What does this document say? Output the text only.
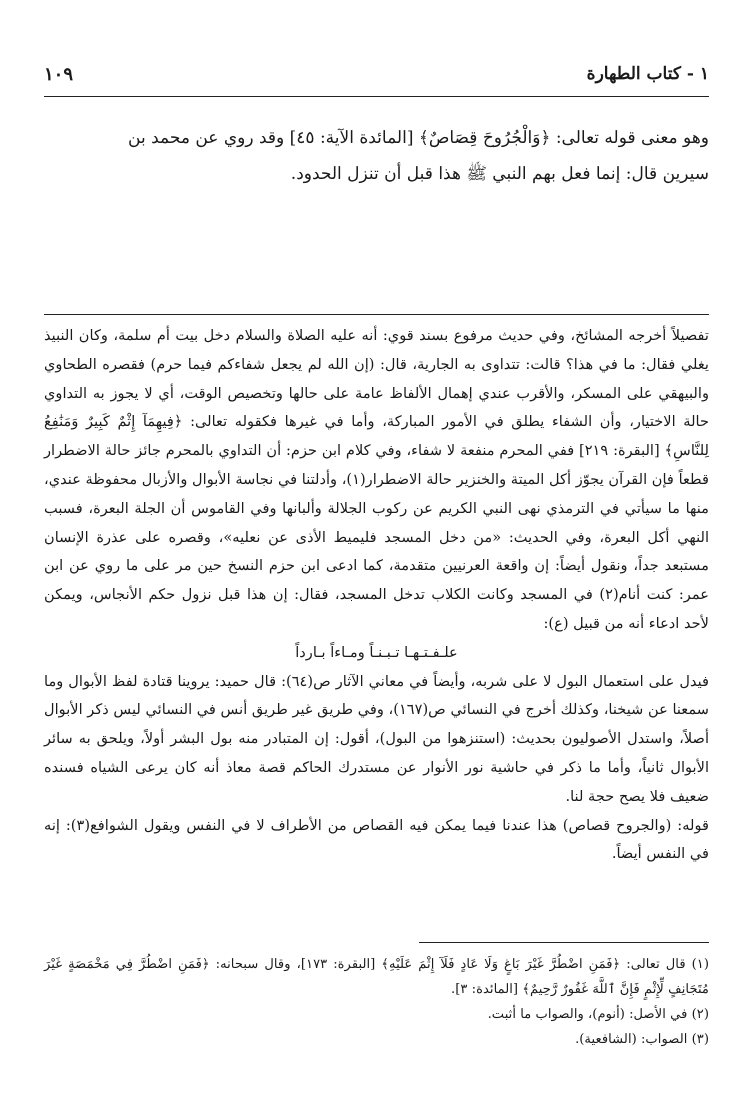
١ - كتاب الطهارة
١٠٩
وهو معنى قوله تعالى: ﴿وَالْجُرُوحَ قِصَاصٌ﴾ [المائدة الآية: ٤٥] وقد روي عن محمد بن
سيرين قال: إنما فعل بهم النبي ﷺ هذا قبل أن تنزل الحدود.

تفصيلاً أخرجه المشائخ، وفي حديث مرفوع بسند قوي: أنه عليه الصلاة والسلام دخل بيت أم سلمة، وكان النبيذ يغلي فقال: ما في هذا؟ قالت: تتداوى به الجارية، قال: (إن الله لم يجعل شفاءكم فيما حرم) فقصره الطحاوي والبيهقي على المسكر، والأقرب عندي إهمال الألفاظ عامة على حالها وتخصيص الوقت، أي لا يجوز به التداوي حالة الاختيار، وأن الشفاء يطلق في الأمور المباركة، وأما في غيرها فكقوله تعالى: ﴿فِيهِمَآ إِثْمٌ كَبِيرٌ وَمَنَٰفِعُ لِلنَّاسِ﴾ [البقرة: ٢١٩] ففي المحرم منفعة لا شفاء، وفي كلام ابن حزم: أن التداوي بالمحرم جائز حالة الاضطرار قطعاً فإن القرآن يجوّز أكل الميتة والخنزير حالة الاضطرار(١)، وأدلتنا في نجاسة الأبوال والأزبال محفوظة عندي، منها ما سيأتي في الترمذي نهى النبي الكريم عن ركوب الجلالة وألبانها وفي القاموس أن الجلة البعرة، فسبب النهي أكل البعرة، وفي الحديث: «من دخل المسجد فليميط الأذى عن نعليه»، وقصره على عذرة الإنسان مستبعد جداً، ونقول أيضاً: إن واقعة العرنيين متقدمة، كما ادعى ابن حزم النسخ حين مر على ما روي عن ابن عمر: كنت أنام(٢) في المسجد وكانت الكلاب تدخل المسجد، فقال: إن هذا قبل نزول حكم الأنجاس، ويمكن لأحد ادعاء أنه من قبيل (ع):

علـفـتـهـا تـبـنـاً ومـاءاً بـارداً

فيدل على استعمال البول لا على شربه، وأيضاً في معاني الآثار ص(٦٤): قال حميد: يروينا قتادة لفظ الأبوال وما سمعنا عن شيخنا، وكذلك أخرج في النسائي ص(١٦٧)، وفي طريق غير طريق أنس في النسائي ليس ذكر الأبوال أصلاً، واستدل الأصوليون بحديث: (استنزهوا من البول)، أقول: إن المتبادر منه بول البشر أولاً، ويلحق به سائر الأبوال ثانياً، وأما ما ذكر في حاشية نور الأنوار عن مستدرك الحاكم قصة معاذ أنه كان يرعى الشياه فسنده ضعيف فلا يصح حجة لنا.

قوله: (والجروح قصاص) هذا عندنا فيما يمكن فيه القصاص من الأطراف لا في النفس ويقول الشوافع(٣): إنه في النفس أيضاً.

(١) قال تعالى: ﴿فَمَنِ اضْطُرَّ غَيْرَ بَاغٍ وَلَا عَادٍ فَلَآ إِثْمَ عَلَيْهِ﴾ [البقرة: ١٧٣]، وقال سبحانه: ﴿فَمَنِ اضْطُرَّ فِي مَخْمَصَةٍ غَيْرَ مُتَجَانِفٍ لِّإِثْمٍ فَإِنَّ ٱللَّهَ غَفُورٌ رَّحِيمٌ﴾ [المائدة: ٣].

(٢) في الأصل: (أنوم)، والصواب ما أثبت.

(٣) الصواب: (الشافعية).
